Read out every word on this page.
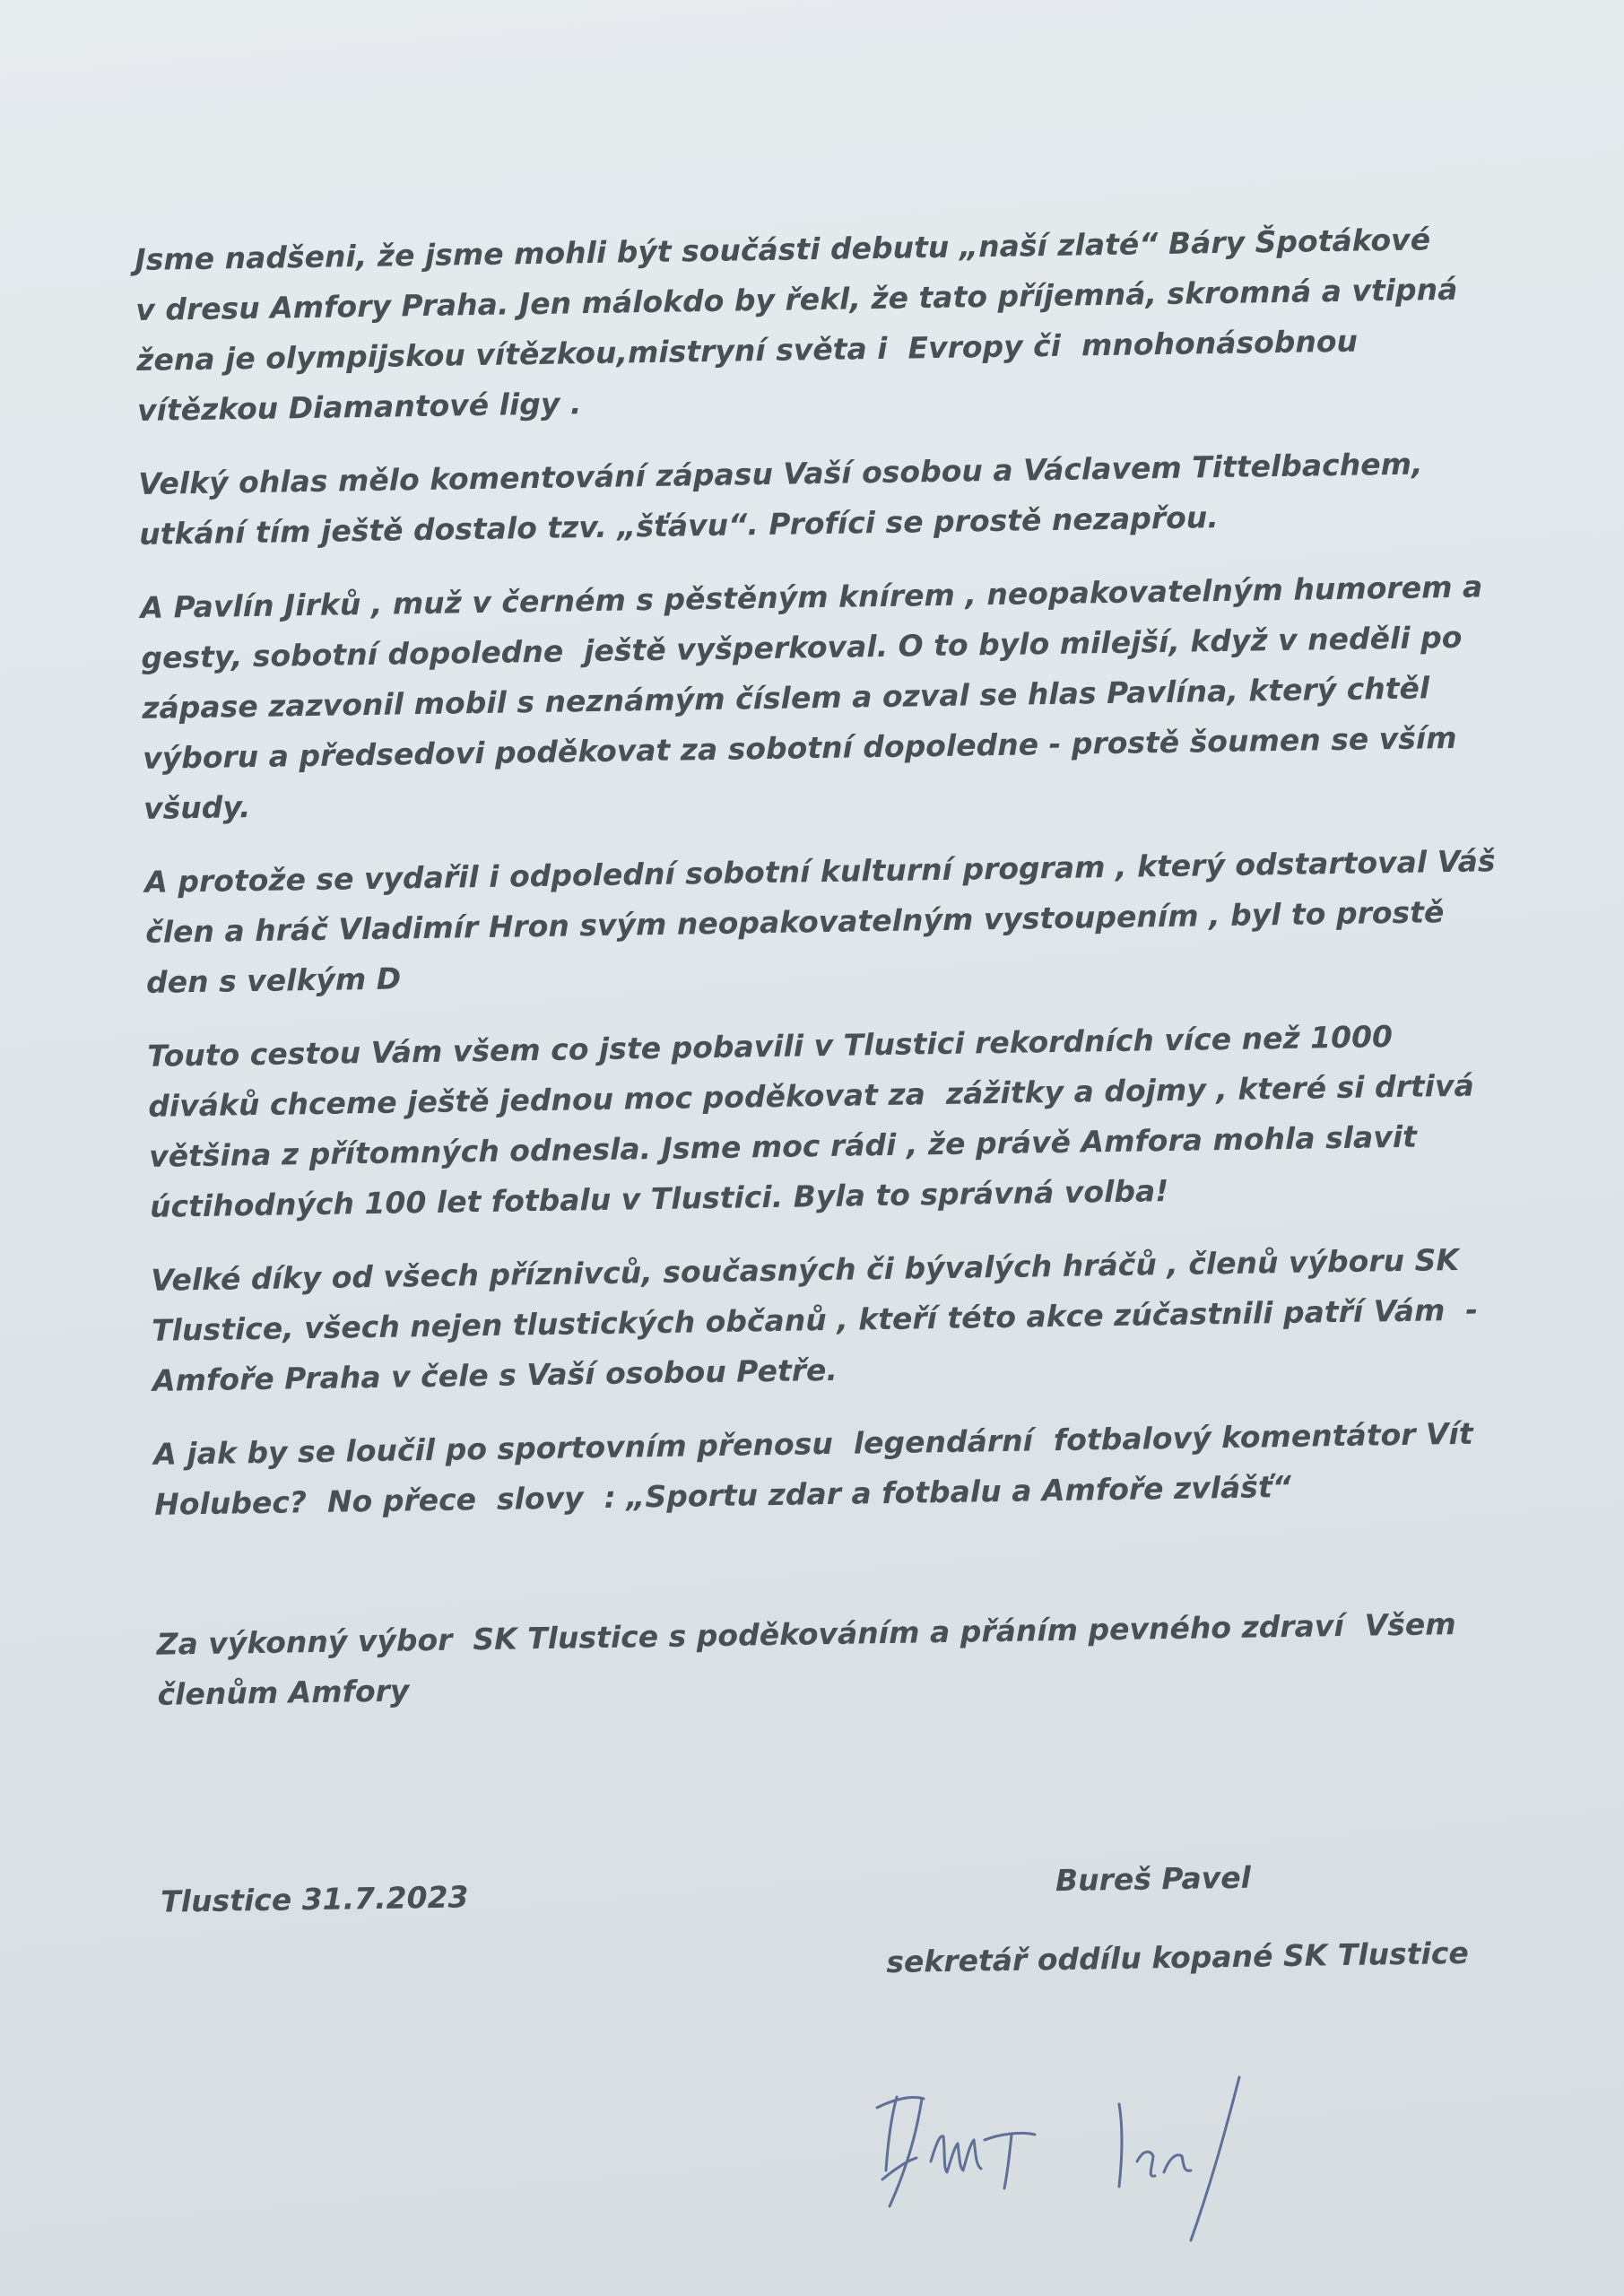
Jsme nadšeni, že jsme mohli být součásti debutu „naší zlaté“ Báry Špotákové
v dresu Amfory Praha. Jen málokdo by řekl, že tato příjemná, skromná a vtipná
žena je olympijskou vítězkou,mistryní světa i  Evropy či  mnohonásobnou
vítězkou Diamantové ligy .
Velký ohlas mělo komentování zápasu Vaší osobou a Václavem Tittelbachem,
utkání tím ještě dostalo tzv. „šťávu“. Profíci se prostě nezapřou.
A Pavlín Jirků , muž v černém s pěstěným knírem , neopakovatelným humorem a
gesty, sobotní dopoledne  ještě vyšperkoval. O to bylo milejší, když v neděli po
zápase zazvonil mobil s neznámým číslem a ozval se hlas Pavlína, který chtěl
výboru a předsedovi poděkovat za sobotní dopoledne - prostě šoumen se vším
všudy.
A protože se vydařil i odpolední sobotní kulturní program , který odstartoval Váš
člen a hráč Vladimír Hron svým neopakovatelným vystoupením , byl to prostě
den s velkým D
Touto cestou Vám všem co jste pobavili v Tlustici rekordních více než 1000
diváků chceme ještě jednou moc poděkovat za  zážitky a dojmy , které si drtivá
většina z přítomných odnesla. Jsme moc rádi , že právě Amfora mohla slavit
úctihodných 100 let fotbalu v Tlustici. Byla to správná volba!
Velké díky od všech příznivců, současných či bývalých hráčů , členů výboru SK
Tlustice, všech nejen tlustických občanů , kteří této akce zúčastnili patří Vám  -
Amfoře Praha v čele s Vaší osobou Petře.
A jak by se loučil po sportovním přenosu  legendární  fotbalový komentátor Vít
Holubec?  No přece  slovy  : „Sportu zdar a fotbalu a Amfoře zvlášť“
Za výkonný výbor  SK Tlustice s poděkováním a přáním pevného zdraví  Všem
členům Amfory
Tlustice 31.7.2023
Bureš Pavel
sekretář oddílu kopané SK Tlustice
